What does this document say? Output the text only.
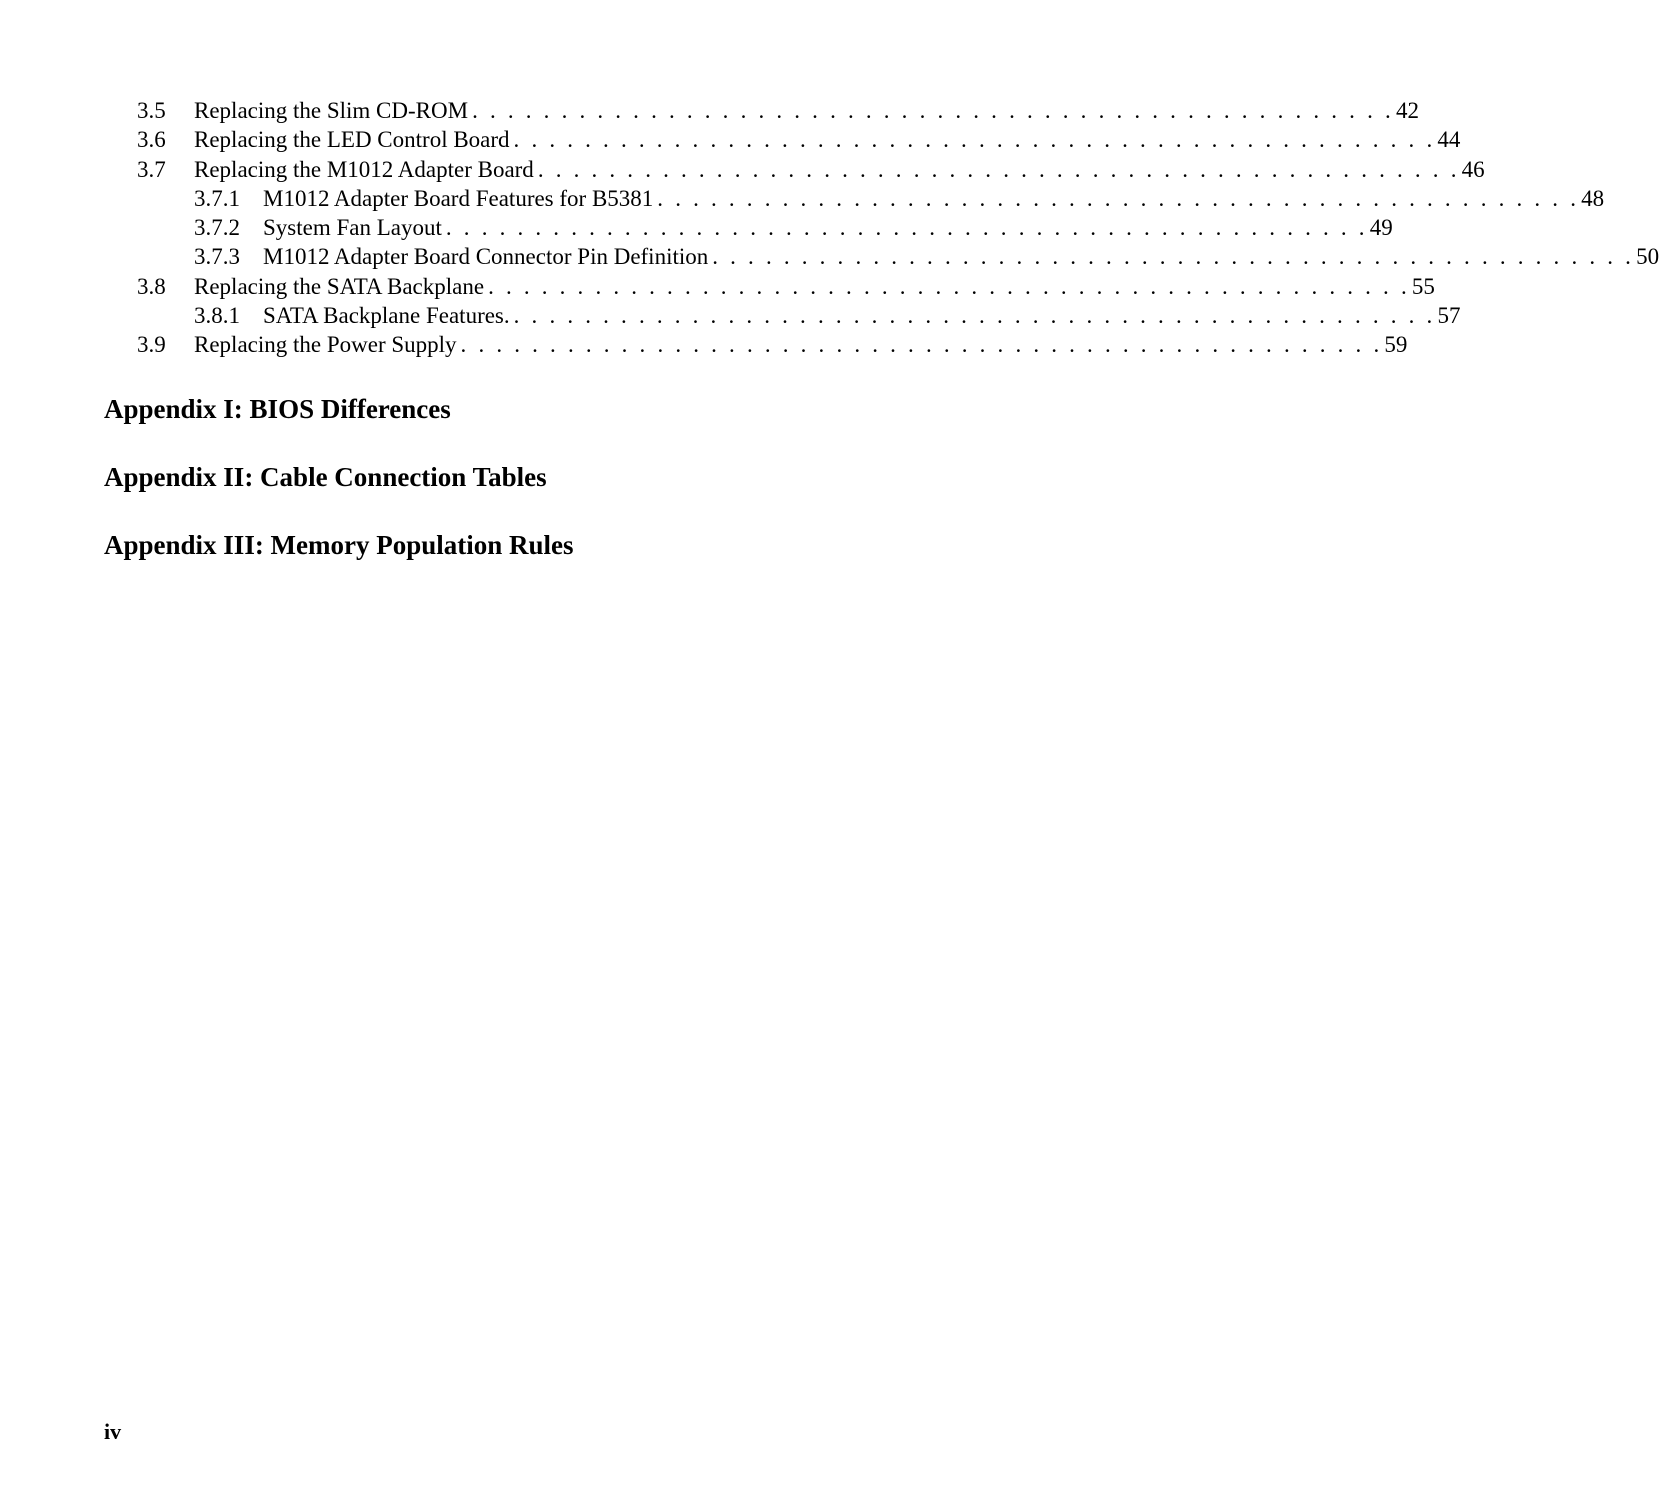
3.5 Replacing the Slim CD-ROM . . . . . . . . . . . . . . . . . . . . . . . . . . . . . . . . . . . . . . . . . . . . . . . . . . . . 42
3.6 Replacing the LED Control Board . . . . . . . . . . . . . . . . . . . . . . . . . . . . . . . . . . . . . . . . . . . . . . . . . . . . 44
3.7 Replacing the M1012 Adapter Board . . . . . . . . . . . . . . . . . . . . . . . . . . . . . . . . . . . . . . . . . . . . . . . . . . . . 46
3.7.1 M1012 Adapter Board Features for B5381 . . . . . . . . . . . . . . . . . . . . . . . . . . . . . . . . . . . . . . . . . . . . . . . . . . . . 48
3.7.2 System Fan Layout . . . . . . . . . . . . . . . . . . . . . . . . . . . . . . . . . . . . . . . . . . . . . . . . . . . . 49
3.7.3 M1012 Adapter Board Connector Pin Definition . . . . . . . . . . . . . . . . . . . . . . . . . . . . . . . . . . . . . . . . . . . . . . . . . . . . 50
3.8 Replacing the SATA Backplane . . . . . . . . . . . . . . . . . . . . . . . . . . . . . . . . . . . . . . . . . . . . . . . . . . . . 55
3.8.1 SATA Backplane Features. . . . . . . . . . . . . . . . . . . . . . . . . . . . . . . . . . . . . . . . . . . . . . . . . . . . . 57
3.9 Replacing the Power Supply . . . . . . . . . . . . . . . . . . . . . . . . . . . . . . . . . . . . . . . . . . . . . . . . . . . . 59
Appendix I: BIOS Differences
Appendix II: Cable Connection Tables
Appendix III: Memory Population Rules
iv
